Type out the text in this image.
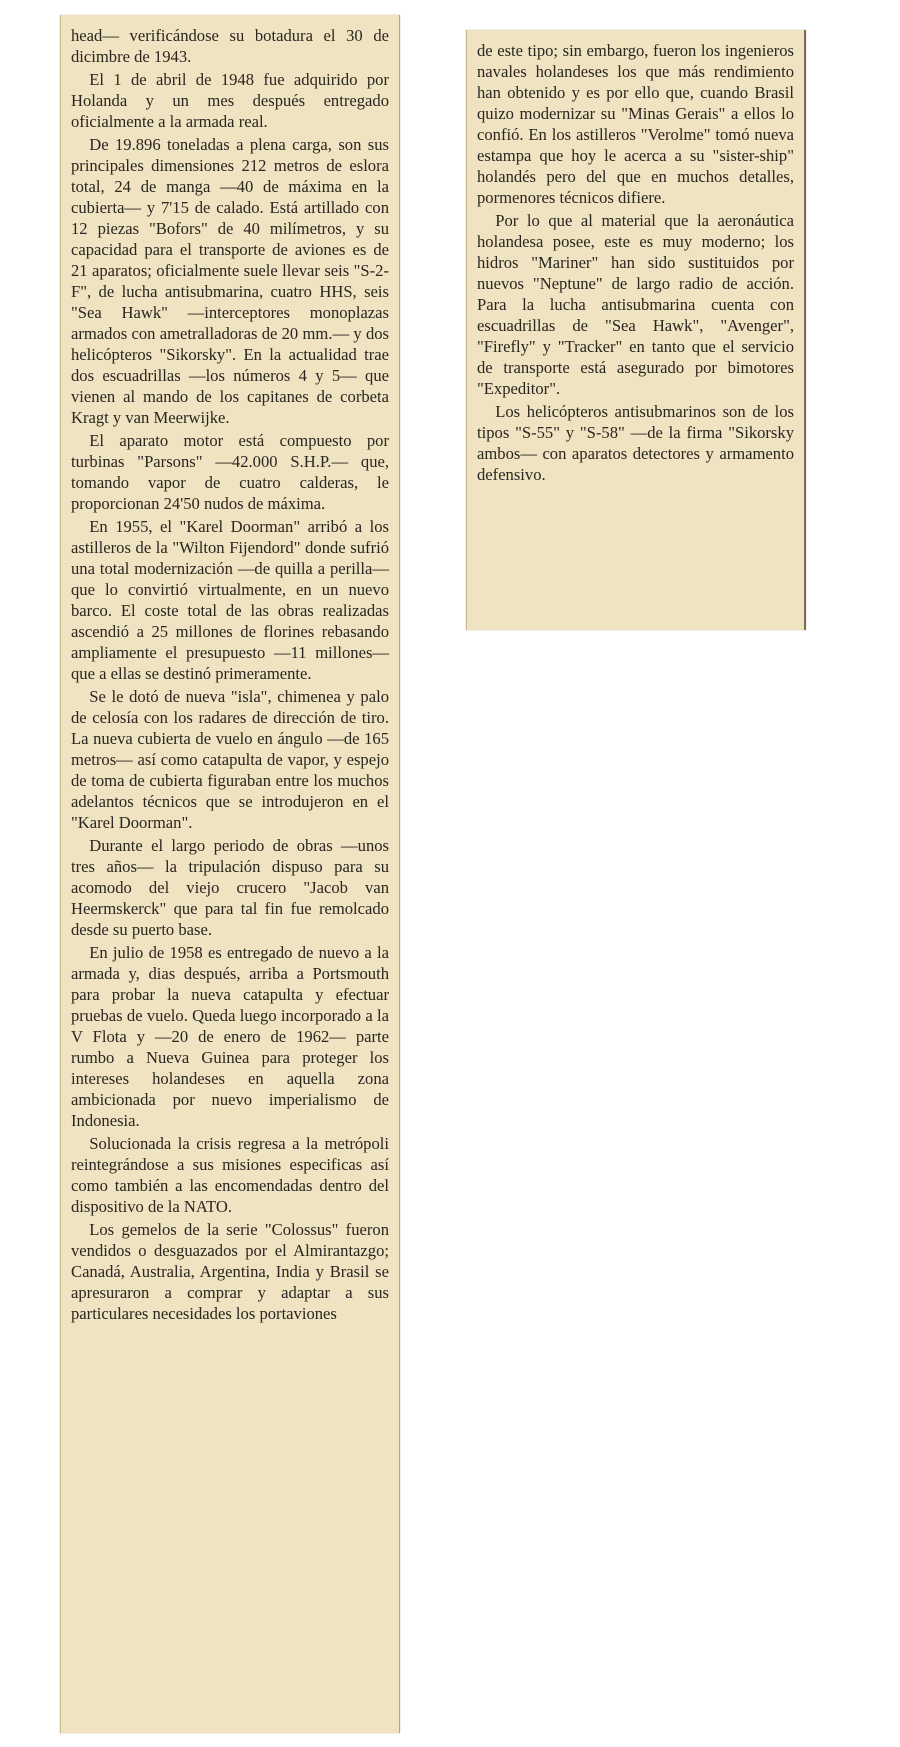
head— verificándose su botadura el 30 de dicimbre de 1943.

El 1 de abril de 1948 fue adquirido por Holanda y un mes después entregado oficialmente a la armada real.

De 19.896 toneladas a plena carga, son sus principales dimensiones 212 metros de eslora total, 24 de manga —40 de máxima en la cubierta— y 7'15 de calado. Está artillado con 12 piezas "Bofors" de 40 milímetros, y su capacidad para el transporte de aviones es de 21 aparatos; oficialmente suele llevar seis "S-2-F", de lucha antisubmarina, cuatro HHS, seis "Sea Hawk" —interceptores monoplazas armados con ametralladoras de 20 mm.— y dos helicópteros "Sikorsky". En la actualidad trae dos escuadrillas —los números 4 y 5— que vienen al mando de los capitanes de corbeta Kragt y van Meerwijke.

El aparato motor está compuesto por turbinas "Parsons" —42.000 S.H.P.— que, tomando vapor de cuatro calderas, le proporcionan 24'50 nudos de máxima.

En 1955, el "Karel Doorman" arribó a los astilleros de la "Wilton Fijendord" donde sufrió una total modernización —de quilla a perilla— que lo convirtió virtualmente, en un nuevo barco. El coste total de las obras realizadas ascendió a 25 millones de florines rebasando ampliamente el presupuesto —11 millones— que a ellas se destinó primeramente.

Se le dotó de nueva "isla", chimenea y palo de celosía con los radares de dirección de tiro. La nueva cubierta de vuelo en ángulo —de 165 metros— así como catapulta de vapor, y espejo de toma de cubierta figuraban entre los muchos adelantos técnicos que se introdujeron en el "Karel Doorman".

Durante el largo periodo de obras —unos tres años— la tripulación dispuso para su acomodo del viejo crucero "Jacob van Heermskerck" que para tal fin fue remolcado desde su puerto base.

En julio de 1958 es entregado de nuevo a la armada y, dias después, arriba a Portsmouth para probar la nueva catapulta y efectuar pruebas de vuelo. Queda luego incorporado a la V Flota y —20 de enero de 1962— parte rumbo a Nueva Guinea para proteger los intereses holandeses en aquella zona ambicionada por nuevo imperialismo de Indonesia.

Solucionada la crisis regresa a la metrópoli reintegrándose a sus misiones especificas así como también a las encomendadas dentro del dispositivo de la NATO.

Los gemelos de la serie "Colossus" fueron vendidos o desguazados por el Almirantazgo; Canadá, Australia, Argentina, India y Brasil se apresuraron a comprar y adaptar a sus particulares necesidades los portaviones

de este tipo; sin embargo, fueron los ingenieros navales holandeses los que más rendimiento han obtenido y es por ello que, cuando Brasil quizo modernizar su "Minas Gerais" a ellos lo confió. En los astilleros "Verolme" tomó nueva estampa que hoy le acerca a su "sister-ship" holandés pero del que en muchos detalles, pormenores técnicos difiere.

Por lo que al material que la aeronáutica holandesa posee, este es muy moderno; los hidros "Mariner" han sido sustituidos por nuevos "Neptune" de largo radio de acción. Para la lucha antisubmarina cuenta con escuadrillas de "Sea Hawk", "Avenger", "Firefly" y "Tracker" en tanto que el servicio de transporte está asegurado por bimotores "Expeditor".

Los helicópteros antisubmarinos son de los tipos "S-55" y "S-58" —de la firma "Sikorsky ambos— con aparatos detectores y armamento defensivo.
